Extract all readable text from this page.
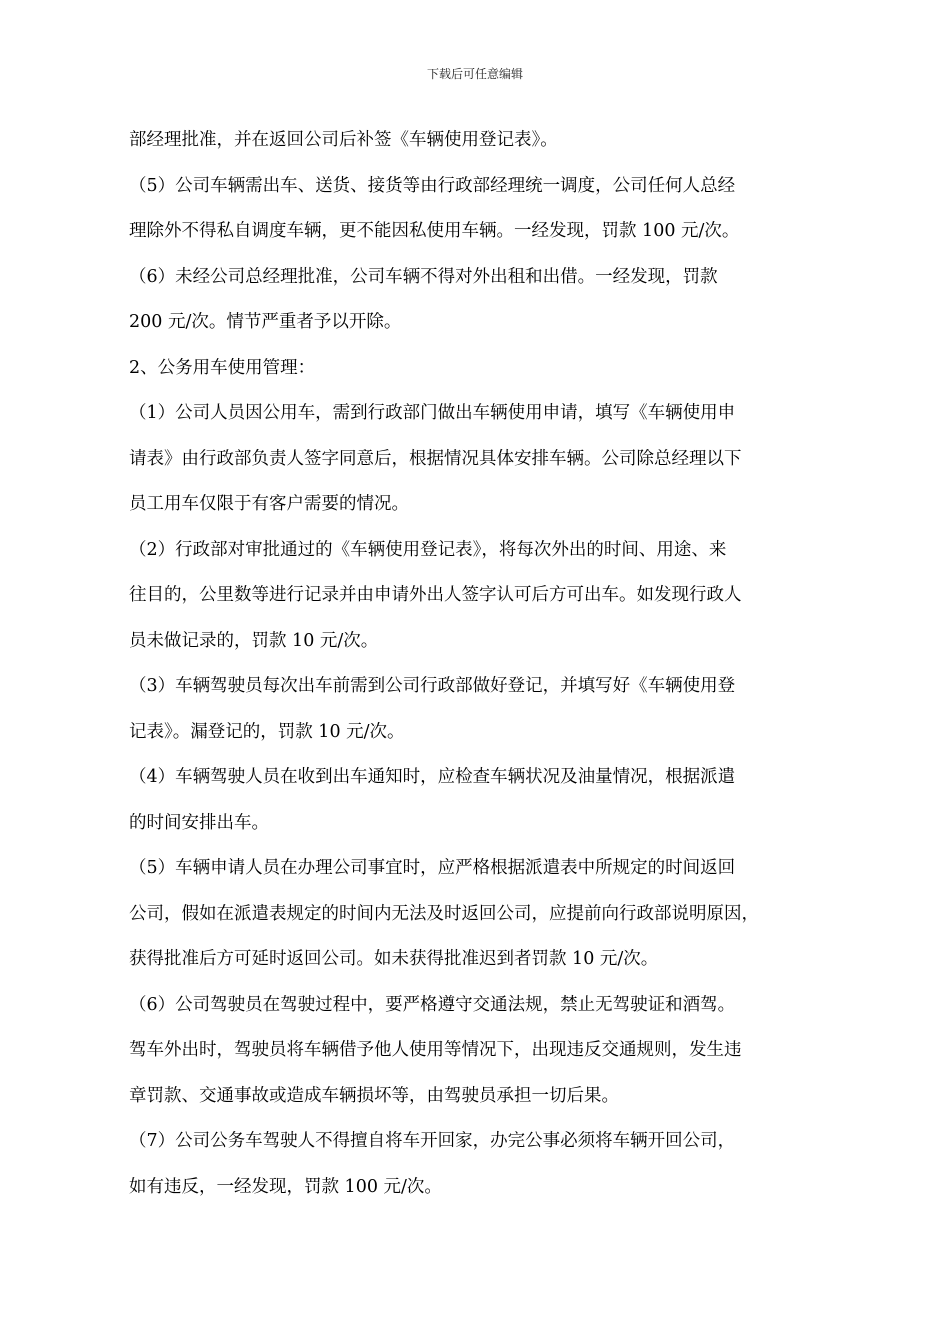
下载后可任意编辑
部经理批准，并在返回公司后补签《车辆使用登记表》。
（5）公司车辆需出车、送货、接货等由行政部经理统一调度，公司任何人总经
理除外不得私自调度车辆，更不能因私使用车辆。一经发现，罚款 100 元/次。
（6）未经公司总经理批准，公司车辆不得对外出租和出借。一经发现，罚款
200 元/次。情节严重者予以开除。
2、公务用车使用管理：
（1）公司人员因公用车，需到行政部门做出车辆使用申请，填写《车辆使用申
请表》由行政部负责人签字同意后，根据情况具体安排车辆。公司除总经理以下
员工用车仅限于有客户需要的情况。
（2）行政部对审批通过的《车辆使用登记表》，将每次外出的时间、用途、来
往目的，公里数等进行记录并由申请外出人签字认可后方可出车。如发现行政人
员未做记录的，罚款 10 元/次。
（3）车辆驾驶员每次出车前需到公司行政部做好登记，并填写好《车辆使用登
记表》。漏登记的，罚款 10 元/次。
（4）车辆驾驶人员在收到出车通知时，应检查车辆状况及油量情况，根据派遣
的时间安排出车。
（5）车辆申请人员在办理公司事宜时，应严格根据派遣表中所规定的时间返回
公司，假如在派遣表规定的时间内无法及时返回公司，应提前向行政部说明原因，
获得批准后方可延时返回公司。如未获得批准迟到者罚款 10 元/次。
（6）公司驾驶员在驾驶过程中，要严格遵守交通法规，禁止无驾驶证和酒驾。
驾车外出时，驾驶员将车辆借予他人使用等情况下，出现违反交通规则，发生违
章罚款、交通事故或造成车辆损坏等，由驾驶员承担一切后果。
（7）公司公务车驾驶人不得擅自将车开回家，办完公事必须将车辆开回公司，
如有违反，一经发现，罚款 100 元/次。
